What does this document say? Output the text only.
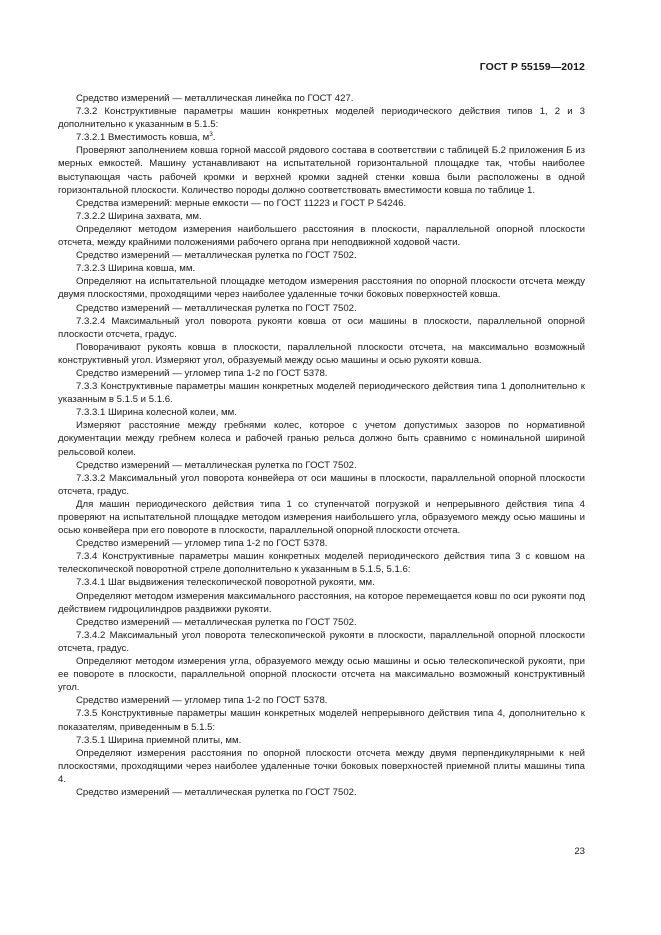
ГОСТ Р 55159—2012

Средство измерений — металлическая линейка по ГОСТ 427.

7.3.2 Конструктивные параметры машин конкретных моделей периодического действия типов 1, 2 и 3 дополнительно к указанным в 5.1.5:

7.3.2.1 Вместимость ковша, $м^3$.

Проверяют заполнением ковша горной массой рядового состава в соответствии с таблицей Б.2 приложения Б из мерных емкостей. Машину устанавливают на испытательной горизонтальной площадке так, чтобы наиболее выступающая часть рабочей кромки и верхней кромки задней стенки ковша были расположены в одной горизонтальной плоскости. Количество породы должно соответствовать вместимости ковша по таблице 1.

Средства измерений: мерные емкости — по ГОСТ 11223 и ГОСТ Р 54246.

7.3.2.2 Ширина захвата, мм.

Определяют методом измерения наибольшего расстояния в плоскости, параллельной опорной плоскости отсчета, между крайними положениями рабочего органа при неподвижной ходовой части.

Средство измерений — металлическая рулетка по ГОСТ 7502.

7.3.2.3 Ширина ковша, мм.

Определяют на испытательной площадке методом измерения расстояния по опорной плоскости отсчета между двумя плоскостями, проходящими через наиболее удаленные точки боковых поверхностей ковша.

Средство измерений — металлическая рулетка по ГОСТ 7502.

7.3.2.4 Максимальный угол поворота рукояти ковша от оси машины в плоскости, параллельной опорной плоскости отсчета, градус.

Поворачивают рукоять ковша в плоскости, параллельной плоскости отсчета, на максимально возможный конструктивный угол. Измеряют угол, образуемый между осью машины и осью рукояти ковша.

Средство измерений — угломер типа 1-2 по ГОСТ 5378.

7.3.3 Конструктивные параметры машин конкретных моделей периодического действия типа 1 дополнительно к указанным в 5.1.5 и 5.1.6.

7.3.3.1 Ширина колесной колеи, мм.

Измеряют расстояние между гребнями колес, которое с учетом допустимых зазоров по нормативной документации между гребнем колеса и рабочей гранью рельса должно быть сравнимо с номинальной шириной рельсовой колеи.

Средство измерений — металлическая рулетка по ГОСТ 7502.

7.3.3.2 Максимальный угол поворота конвейера от оси машины в плоскости, параллельной опорной плоскости отсчета, градус.

Для машин периодического действия типа 1 со ступенчатой погрузкой и непрерывного действия типа 4 проверяют на испытательной площадке методом измерения наибольшего угла, образуемого между осью машины и осью конвейера при его повороте в плоскости, параллельной опорной плоскости отсчета.

Средство измерений — угломер типа 1-2 по ГОСТ 5378.

7.3.4 Конструктивные параметры машин конкретных моделей периодического действия типа 3 с ковшом на телескопической поворотной стреле дополнительно к указанным в 5.1.5, 5.1.6:

7.3.4.1 Шаг выдвижения телескопической поворотной рукояти, мм.

Определяют методом измерения максимального расстояния, на которое перемещается ковш по оси рукояти под действием гидроцилиндров раздвижки рукояти.

Средство измерений — металлическая рулетка по ГОСТ 7502.

7.3.4.2 Максимальный угол поворота телескопической рукояти в плоскости, параллельной опорной плоскости отсчета, градус.

Определяют методом измерения угла, образуемого между осью машины и осью телескопической рукояти, при ее повороте в плоскости, параллельной опорной плоскости отсчета на максимально возможный конструктивный угол.

Средство измерений — угломер типа 1-2 по ГОСТ 5378.

7.3.5 Конструктивные параметры машин конкретных моделей непрерывного действия типа 4, дополнительно к показателям, приведенным в 5.1.5:

7.3.5.1 Ширина приемной плиты, мм.

Определяют измерения расстояния по опорной плоскости отсчета между двумя перпендикулярными к ней плоскостями, проходящими через наиболее удаленные точки боковых поверхностей приемной плиты машины типа 4.

Средство измерений — металлическая рулетка по ГОСТ 7502.

23
